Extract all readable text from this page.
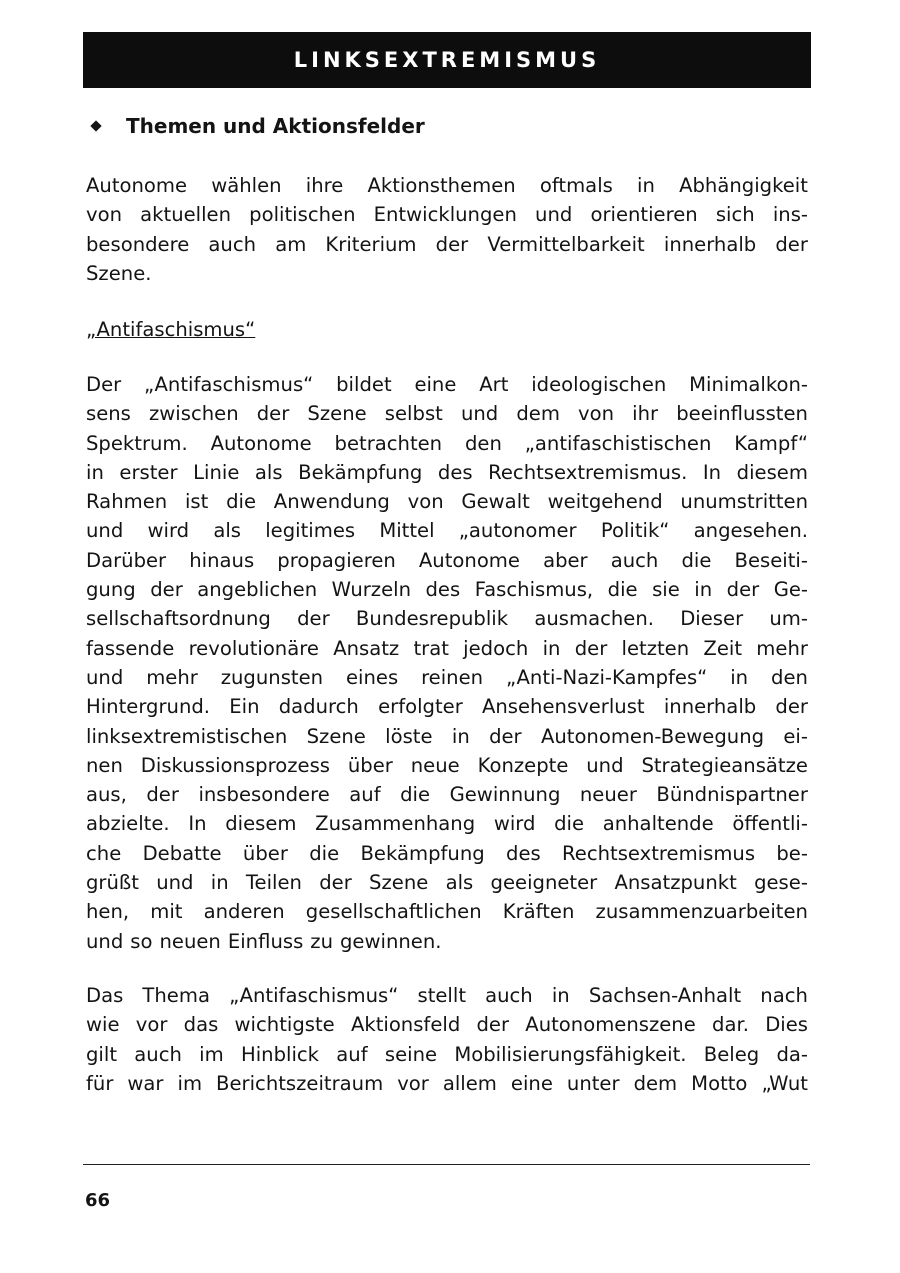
LINKSEXTREMISMUS
Themen und Aktionsfelder
Autonome wählen ihre Aktionsthemen oftmals in Abhängigkeit
von aktuellen politischen Entwicklungen und orientieren sich ins-
besondere auch am Kriterium der Vermittelbarkeit innerhalb der
Szene.
„Antifaschismus“
Der „Antifaschismus“ bildet eine Art ideologischen Minimalkon-
sens zwischen der Szene selbst und dem von ihr beeinflussten
Spektrum. Autonome betrachten den „antifaschistischen Kampf“
in erster Linie als Bekämpfung des Rechtsextremismus. In diesem
Rahmen ist die Anwendung von Gewalt weitgehend unumstritten
und wird als legitimes Mittel „autonomer Politik“ angesehen.
Darüber hinaus propagieren Autonome aber auch die Beseiti-
gung der angeblichen Wurzeln des Faschismus, die sie in der Ge-
sellschaftsordnung der Bundesrepublik ausmachen. Dieser um-
fassende revolutionäre Ansatz trat jedoch in der letzten Zeit mehr
und mehr zugunsten eines reinen „Anti-Nazi-Kampfes“ in den
Hintergrund. Ein dadurch erfolgter Ansehensverlust innerhalb der
linksextremistischen Szene löste in der Autonomen-Bewegung ei-
nen Diskussionsprozess über neue Konzepte und Strategieansätze
aus, der insbesondere auf die Gewinnung neuer Bündnispartner
abzielte. In diesem Zusammenhang wird die anhaltende öffentli-
che Debatte über die Bekämpfung des Rechtsextremismus be-
grüßt und in Teilen der Szene als geeigneter Ansatzpunkt gese-
hen, mit anderen gesellschaftlichen Kräften zusammenzuarbeiten
und so neuen Einfluss zu gewinnen.
Das Thema „Antifaschismus“ stellt auch in Sachsen-Anhalt nach
wie vor das wichtigste Aktionsfeld der Autonomenszene dar. Dies
gilt auch im Hinblick auf seine Mobilisierungsfähigkeit. Beleg da-
für war im Berichtszeitraum vor allem eine unter dem Motto „Wut
66
